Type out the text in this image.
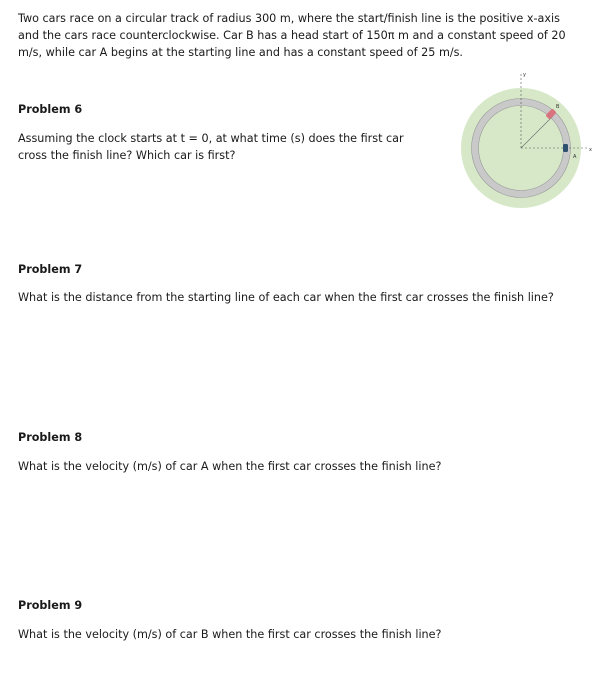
Two cars race on a circular track of radius 300 m, where the start/finish line is the positive x-axis and the cars race counterclockwise. Car B has a head start of 150π m and a constant speed of 20 m/s, while car A begins at the starting line and has a constant speed of 25 m/s.
Problem 6
Assuming the clock starts at t = 0, at what time (s) does the first car cross the finish line? Which car is first?
y
x
A
B
Problem 7
What is the distance from the starting line of each car when the first car crosses the finish line?
Problem 8
What is the velocity (m/s) of car A when the first car crosses the finish line?
Problem 9
What is the velocity (m/s) of car B when the first car crosses the finish line?
